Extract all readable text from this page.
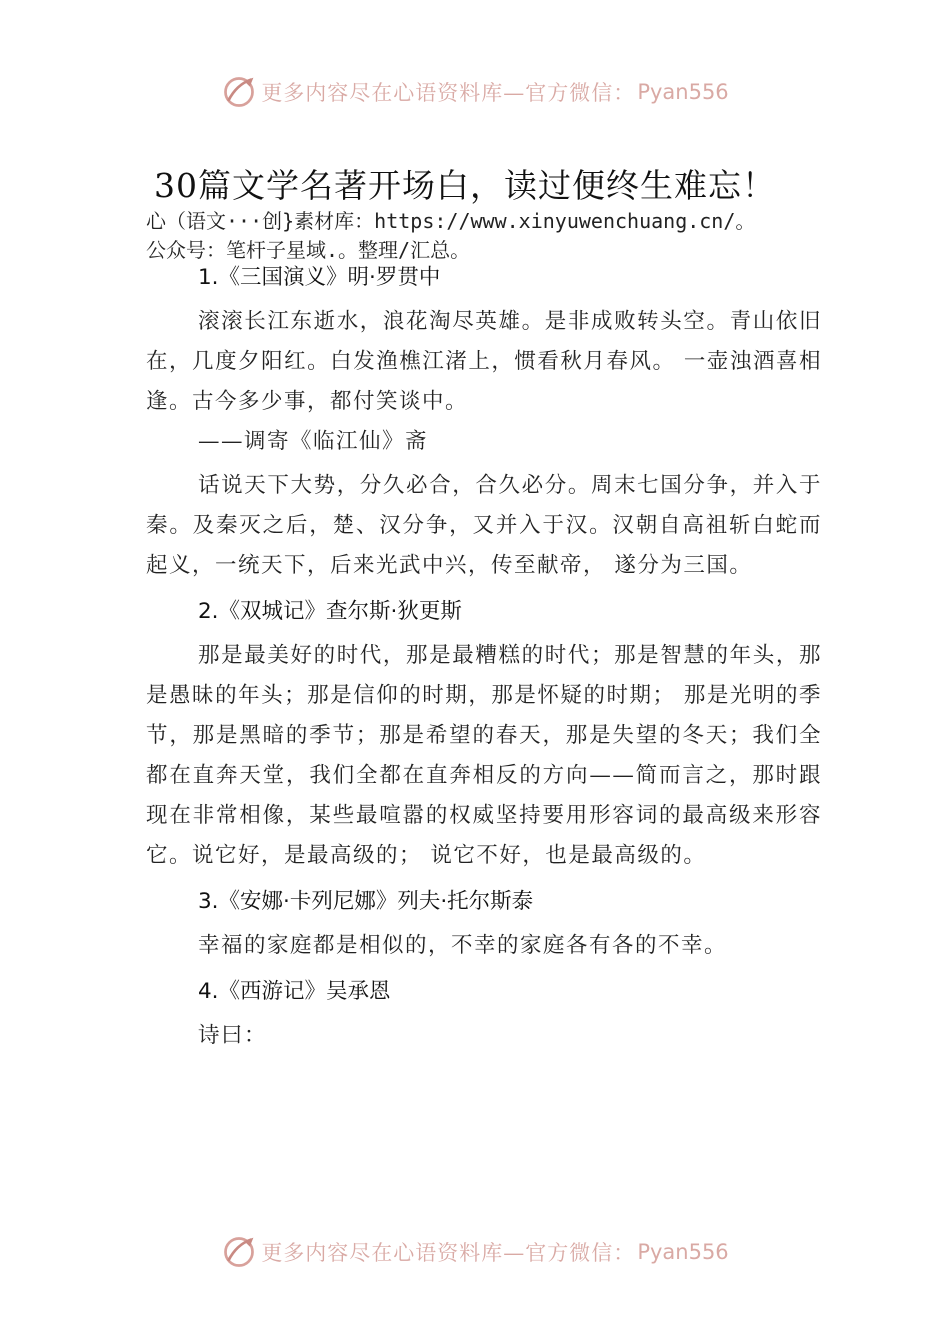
更多内容尽在心语资料库—官方微信： Pyan556
30篇文学名著开场白，读过便终生难忘！
心（语文···创}素材库：https://www.xinyuwenchuang.cn/。
公众号：笔杆子星域.。整理/汇总。
1.《三国演义》明·罗贯中

滚滚长江东逝水，浪花淘尽英雄。是非成败转头空。青山依旧在，几度夕阳红。白发渔樵江渚上，惯看秋月春风。 一壶浊酒喜相逢。古今多少事，都付笑谈中。

——调寄《临江仙》斋

话说天下大势，分久必合，合久必分。周末七国分争，并入于秦。及秦灭之后，楚、汉分争，又并入于汉。汉朝自高祖斩白蛇而起义，一统天下，后来光武中兴，传至献帝， 遂分为三国。

2.《双城记》查尔斯·狄更斯

那是最美好的时代，那是最糟糕的时代；那是智慧的年头，那是愚昧的年头；那是信仰的时期，那是怀疑的时期； 那是光明的季节，那是黑暗的季节；那是希望的春天，那是失望的冬天；我们全都在直奔天堂，我们全都在直奔相反的方向——简而言之，那时跟现在非常相像，某些最喧嚣的权威坚持要用形容词的最高级来形容它。说它好，是最高级的； 说它不好，也是最高级的。

3.《安娜·卡列尼娜》列夫·托尔斯泰

幸福的家庭都是相似的，不幸的家庭各有各的不幸。

4.《西游记》吴承恩

诗曰：

更多内容尽在心语资料库—官方微信： Pyan556
